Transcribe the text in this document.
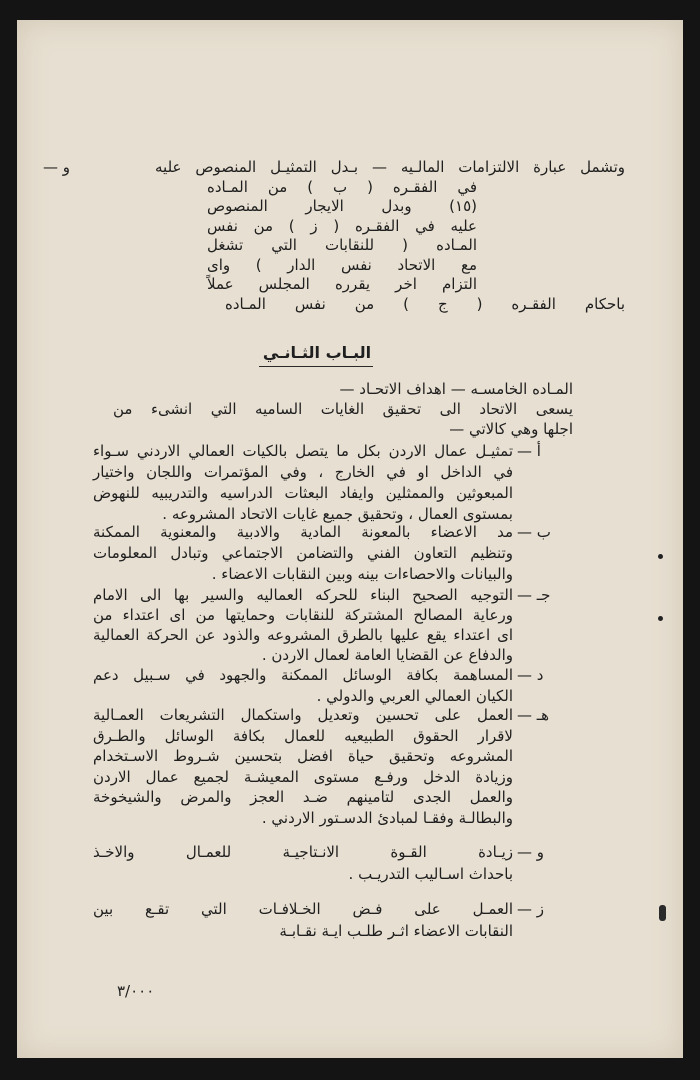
و —	وتشمل عبارة الالتزامات المالـيه — بـدل التمثيـل المنصوص عليه
في الفقـره ( ب ) من المـاده
(١٥) وبدل الايجار المنصوص
عليه في الفقـره ( ز ) من نفس
المـاده ( للنقابات التي تشغل
مع الاتحاد نفس الدار ) واى
التزام اخر يقرره المجلس عملاً
باحكام الفقـره ( ج ) من نفس المـاده
البـاب الثـانـي
المـاده الخامسـه — اهداف الاتحـاد —
يسعى الاتحاد الى تحقيق الغايات الساميه التي انشىء من
اجلها وهي كالاتي —
أ —
تمثيـل عمال الاردن بكل ما يتصل بالكيات العمالي الاردني سـواء
في الداخل او في الخارج ، وفي المؤتمرات واللجان واختيار
المبعوثين والممثلين وايفاد البعثات الدراسيه والتدريبيه للنهوض
بمستوى العمال ، وتحقيق جميع غايات الاتحاد المشروعه .
ب —
مد الاعضاء بالمعونة المادية والادبية والمعنوية الممكنة
وتنظيم التعاون الفني والتضامن الاجتماعي وتبادل المعلومات
والبيانات والاحصاءات بينه وبين النقابات الاعضاء .
جـ —
التوجيه الصحيح البناء للحركه العماليه والسير بها الى الامام
ورعاية المصالح المشتركة للنقابات وحمايتها من اى اعتداء من
اى اعتداء يقع عليها بالطرق المشروعه والذود عن الحركة العمالية
والدفاع عن القضايا العامة لعمال الاردن .
د —
المساهمة بكافة الوسائل الممكنة والجهود في سـبيل دعم
الكيان العمالي العربي والدولي .
هـ —
العمل على تحسين وتعديل واستكمال التشريعات العمـالية
لاقرار الحقوق الطبيعيه للعمال بكافة الوسائل والطـرق
المشروعه وتحقيق حياة افضل بتحسين شـروط الاسـتخدام
وزيادة الدخل ورفـع مستوى المعيشـة لجميع عمال الاردن
والعمل الجدى لتامينهم ضـد العجز والمرض والشيخوخة
والبطالـة وفقـا لمبادئ الدسـتور الاردني .
و —
زيـادة القـوة الانـتاجيـة للعمـال والاخـذ
باحداث اسـاليب التدريـب .
ز —
العمـل على فـض الخـلافـات التي تقـع بين
النقابات الاعضاء اثـر طلـب ايـة نقـابـة
٣/٠٠٠
